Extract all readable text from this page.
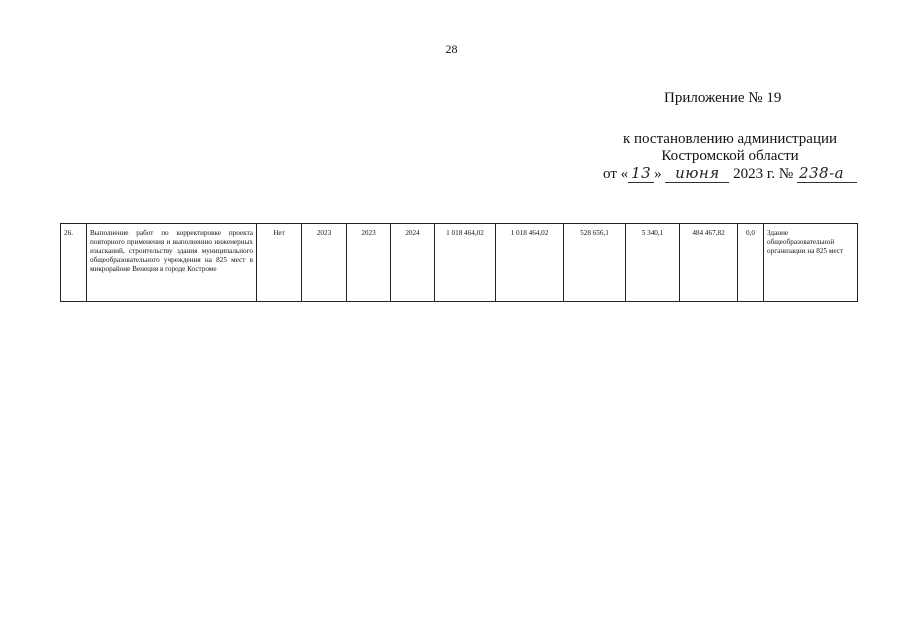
28
Приложение № 19
к постановлению администрации
Костромской области
от « 13 » июня 2023 г. № 238-а
26.	Выполнение работ по корректировке проекта повторного применения и выполнению инженерных изысканий, строительству здания муниципального общеобразовательного учреждения на 825 мест в микрорайоне Венеция в городе Костроме	Нет	2023	2023	2024	1 018 464,02	1 018 464,02	528 656,1	5 340,1	484 467,82	0,0	Здание общеобразовательной организации на 825 мест
